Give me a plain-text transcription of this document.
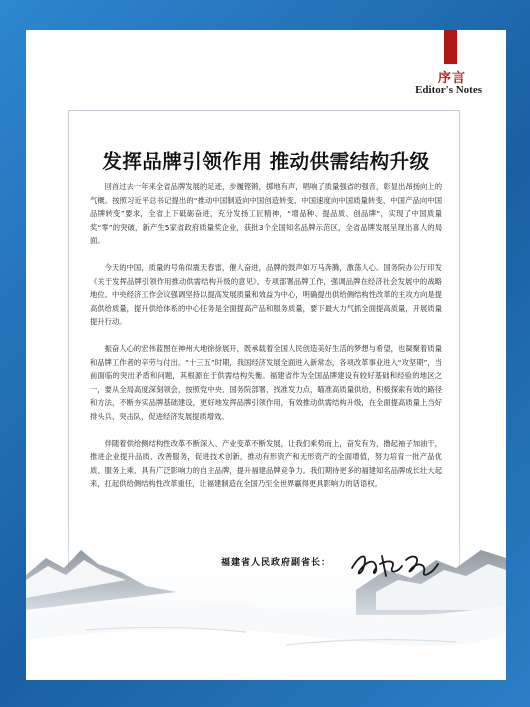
序言
Editor's Notes
发挥品牌引领作用 推动供需结构升级

回首过去一年来全省品牌发展的足迹，步履铿锵，掷地有声，唱响了质量强省的强音，彰显出昂扬向上的气概。按照习近平总书记提出的“推动中国制造向中国创造转变、中国速度向中国质量转变、中国产品向中国品牌转变”要求，全省上下砥砺奋进，充分发扬工匠精神，“增品种、提品质、创品牌”，实现了中国质量奖“零”的突破，新产生5家省政府质量奖企业，获批3个全国知名品牌示范区，全省品牌发展呈现出喜人的局面。

今天的中国，质量的号角似震天春雷，催人奋进，品牌的鼓声如万马奔腾，激荡人心。国务院办公厅印发《关于发挥品牌引领作用推动供需结构升级的意见》，专项部署品牌工作，强调品牌在经济社会发展中的战略地位。中央经济工作会议强调坚持以提高发展质量和效益为中心，明确提出供给侧结构性改革的主攻方向是提高供给质量，提升供给体系的中心任务是全面提高产品和服务质量，要下最大力气抓全面提高质量，开展质量提升行动。

振奋人心的宏伟蓝图在神州大地徐徐展开，既承载着全国人民创造美好生活的梦想与希望，也凝聚着质量和品牌工作者的辛劳与付出。“十三五”时期，我国经济发展全面进入新常态，各项改革事业进入“攻坚期”，当前面临的突出矛盾和问题，其根源在于供需结构失衡。福建省作为全国品牌建设有较好基础和经验的地区之一，要从全局高度深刻领会，按照党中央、国务院部署，找准发力点，瞄准高质量供给，积极探索有效的路径和方法，不断夯实品牌基础建设，更好地发挥品牌引领作用，有效推动供需结构升级，在全面提高质量上当好排头兵、突击队，促进经济发展提质增效。

伴随着供给侧结构性改革不断深入、产业变革不断发展，让我们乘势而上，奋发有为，撸起袖子加油干，推进企业提升品质、改善服务，促进技术创新，推动有形资产和无形资产的全面增值，努力培育一批产品优质、服务上乘、具有广泛影响力的自主品牌，提升福建品牌竞争力。我们期待更多的福建知名品牌成长壮大起来，扛起供给侧结构性改革重任，让福建制造在全国乃至全世界赢得更具影响力的话语权。

福建省人民政府副省长：
